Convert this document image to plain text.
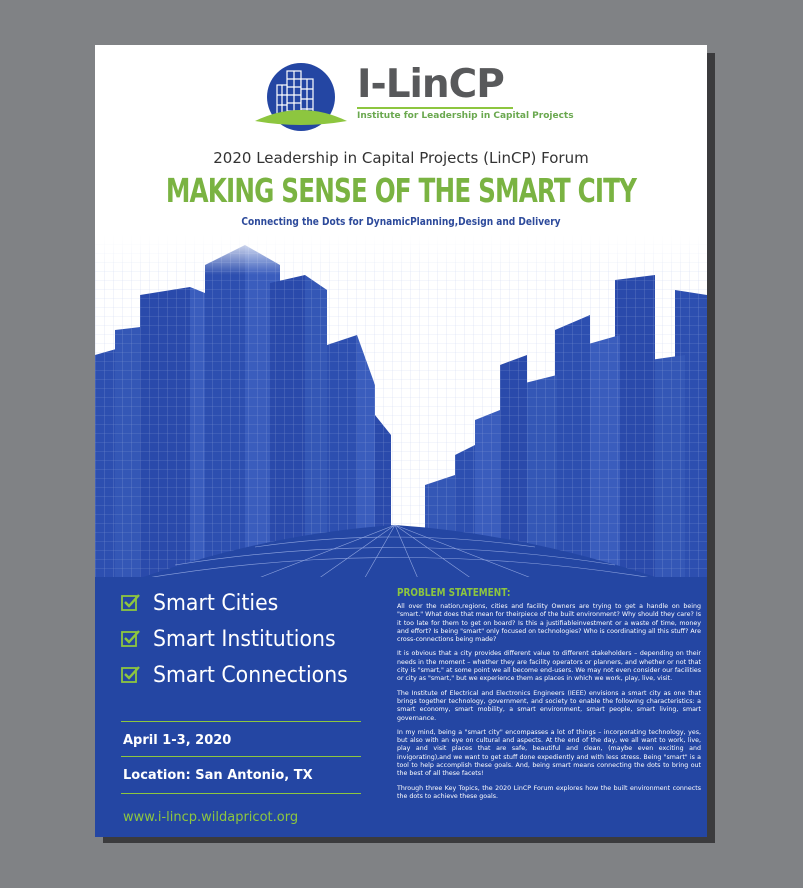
I-LinCP
Institute for Leadership in Capital Projects
2020 Leadership in Capital Projects (LinCP) Forum
MAKING SENSE OF THE SMART CITY
Connecting the Dots for DynamicPlanning,Design and Delivery
Smart Cities
Smart Institutions
Smart Connections
April 1-3, 2020
Location: San Antonio, TX
www.i-lincp.wildapricot.org
PROBLEM STATEMENT:

All over the nation,regions, cities and facility Owners are trying to get a handle on being "smart." What does that mean for theirpiece of the built environment? Why should they care? Is it too late for them to get on board? Is this a justifiableinvestment or a waste of time, money and effort? Is being "smart" only focused on technologies? Who is coordinating all this stuff? Are cross-connections being made?

It is obvious that a city provides different value to different stakeholders – depending on their needs in the moment – whether they are facility operators or planners, and whether or not that city is "smart," at some point we all become end-users. We may not even consider our facilities or city as "smart," but we experience them as places in which we work, play, live, visit.

The Institute of Electrical and Electronics Engineers (IEEE) envisions a smart city as one that brings together technology, government, and society to enable the following characteristics: a smart economy, smart mobility, a smart environment, smart people, smart living, smart governance.

In my mind, being a "smart city" encompasses a lot of things – incorporating technology, yes, but also with an eye on cultural and aspects. At the end of the day, we all want to work, live, play and visit places that are safe, beautiful and clean, (maybe even exciting and invigorating),and we want to get stuff done expediently and with less stress. Being "smart" is a tool to help accomplish these goals. And, being smart means connecting the dots to bring out the best of all these facets!

Through three Key Topics, the 2020 LinCP Forum explores how the built environment connects the dots to achieve these goals.
